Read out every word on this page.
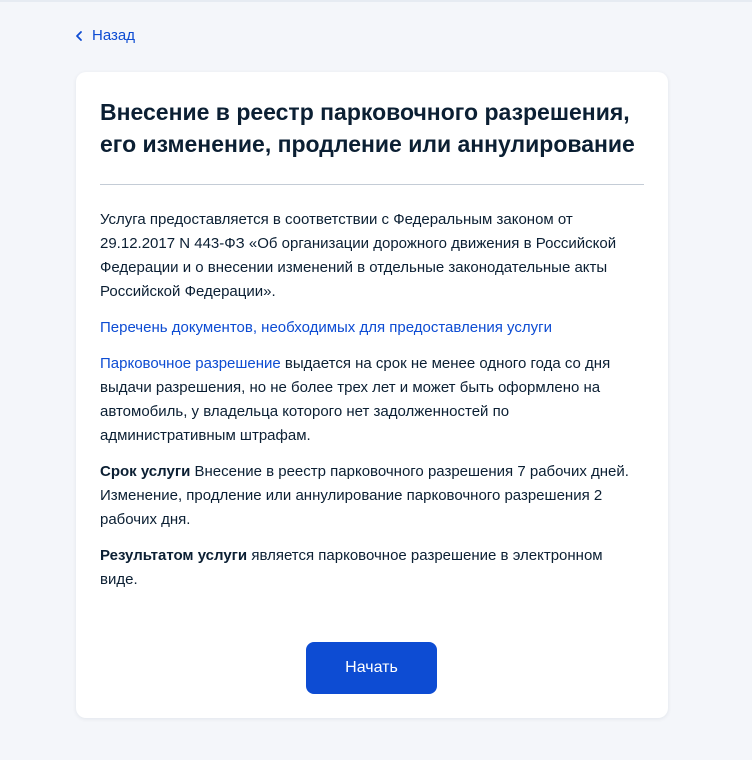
Назад
Внесение в реестр парковочного разрешения, его изменение, продление или аннулирование

Услуга предоставляется в соответствии с Федеральным законом от 29.12.2017 N 443-ФЗ «Об организации дорожного движения в Российской Федерации и о внесении изменений в отдельные законодательные акты Российской Федерации».

Перечень документов, необходимых для предоставления услуги

Парковочное разрешение выдается на срок не менее одного года со дня выдачи разрешения, но не более трех лет и может быть оформлено на автомобиль, у владельца которого нет задолженностей по административным штрафам.

Срок услуги Внесение в реестр парковочного разрешения 7 рабочих дней.
Изменение, продление или аннулирование парковочного разрешения 2 рабочих дня.

Результатом услуги является парковочное разрешение в электронном виде.

Начать
